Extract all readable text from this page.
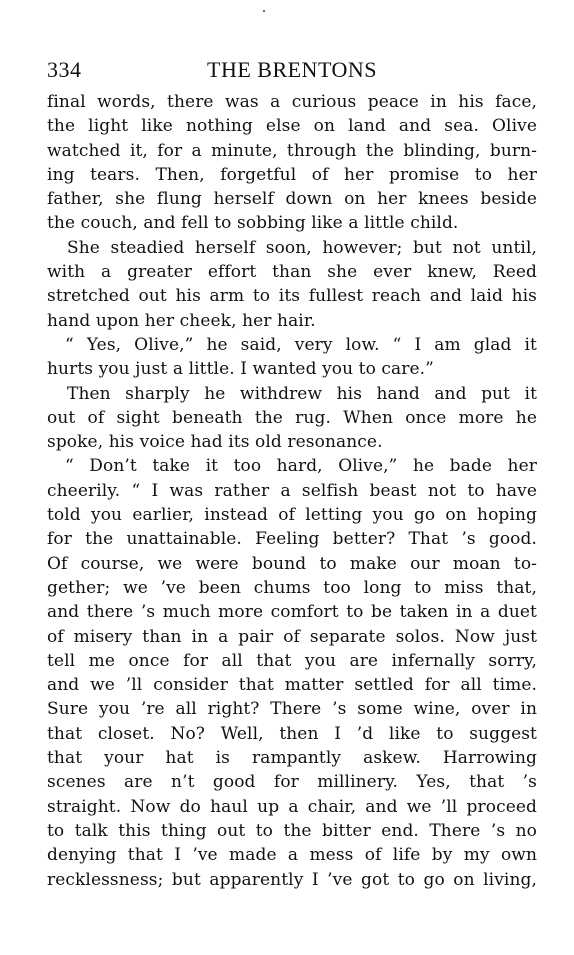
334	THE BRENTONS
final words, there was a curious peace in his face,
the light like nothing else on land and sea. Olive
watched it, for a minute, through the blinding, burn-
ing tears. Then, forgetful of her promise to her
father, she flung herself down on her knees beside
the couch, and fell to sobbing like a little child.
She steadied herself soon, however; but not until,
with a greater effort than she ever knew, Reed
stretched out his arm to its fullest reach and laid his
hand upon her cheek, her hair.
“ Yes, Olive,” he said, very low. “ I am glad it
hurts you just a little. I wanted you to care.”
Then sharply he withdrew his hand and put it
out of sight beneath the rug. When once more he
spoke, his voice had its old resonance.
“ Don’t take it too hard, Olive,” he bade her
cheerily. “ I was rather a selfish beast not to have
told you earlier, instead of letting you go on hoping
for the unattainable. Feeling better? That ’s good.
Of course, we were bound to make our moan to-
gether; we ’ve been chums too long to miss that,
and there ’s much more comfort to be taken in a duet
of misery than in a pair of separate solos. Now just
tell me once for all that you are infernally sorry,
and we ’ll consider that matter settled for all time.
Sure you ’re all right? There ’s some wine, over in
that closet. No? Well, then I ’d like to suggest
that your hat is rampantly askew. Harrowing
scenes are n’t good for millinery. Yes, that ’s
straight. Now do haul up a chair, and we ’ll proceed
to talk this thing out to the bitter end. There ’s no
denying that I ’ve made a mess of life by my own
recklessness; but apparently I ’ve got to go on living,
